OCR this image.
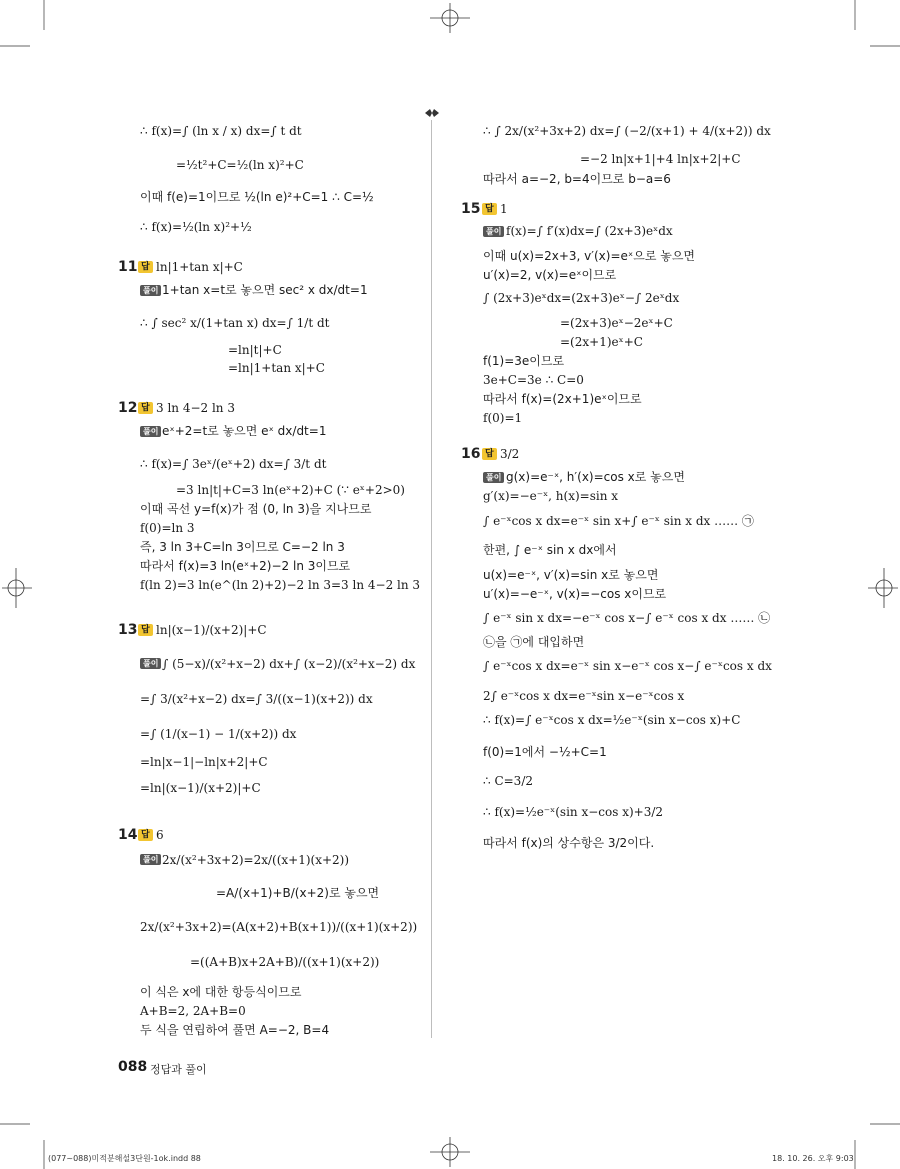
∴ f(x)=∫ (ln x / x) dx=∫ t dt
=½t²+C=½(ln x)²+C
이때 f(e)=1이므로 ½(ln e)²+C=1 ∴ C=½
∴ f(x)=½(ln x)²+½
11 답 ln|1+tan x|+C
풀이 1+tan x=t로 놓으면 sec² x dx/dt=1
∴ ∫ sec² x/(1+tan x) dx=∫ 1/t dt
=ln|t|+C
=ln|1+tan x|+C
12 답 3 ln 4−2 ln 3
풀이 eˣ+2=t로 놓으면 eˣ dx/dt=1
∴ f(x)=∫ 3eˣ/(eˣ+2) dx=∫ 3/t dt
=3 ln|t|+C=3 ln(eˣ+2)+C (∵ eˣ+2>0)
이때 곡선 y=f(x)가 점 (0, ln 3)을 지나므로
f(0)=ln 3
즉, 3 ln 3+C=ln 3이므로 C=−2 ln 3
따라서 f(x)=3 ln(eˣ+2)−2 ln 3이므로
f(ln 2)=3 ln(e^(ln 2)+2)−2 ln 3=3 ln 4−2 ln 3
13 답 ln|(x−1)/(x+2)|+C
풀이 ∫ (5−x)/(x²+x−2) dx+∫ (x−2)/(x²+x−2) dx
=∫ 3/(x²+x−2) dx=∫ 3/((x−1)(x+2)) dx
=∫ (1/(x−1) − 1/(x+2)) dx
=ln|x−1|−ln|x+2|+C
=ln|(x−1)/(x+2)|+C
14 답 6
풀이 2x/(x²+3x+2)=2x/((x+1)(x+2))
=A/(x+1)+B/(x+2)로 놓으면
2x/(x²+3x+2)=(A(x+2)+B(x+1))/((x+1)(x+2))
=((A+B)x+2A+B)/((x+1)(x+2))
이 식은 x에 대한 항등식이므로
A+B=2, 2A+B=0
두 식을 연립하여 풀면 A=−2, B=4
∴ ∫ 2x/(x²+3x+2) dx=∫ (−2/(x+1) + 4/(x+2)) dx
=−2 ln|x+1|+4 ln|x+2|+C
따라서 a=−2, b=4이므로 b−a=6
15 답 1
풀이 f(x)=∫ f′(x)dx=∫ (2x+3)eˣdx
이때 u(x)=2x+3, v′(x)=eˣ으로 놓으면
u′(x)=2, v(x)=eˣ이므로
∫ (2x+3)eˣdx=(2x+3)eˣ−∫ 2eˣdx
=(2x+3)eˣ−2eˣ+C
=(2x+1)eˣ+C
f(1)=3e이므로
3e+C=3e ∴ C=0
따라서 f(x)=(2x+1)eˣ이므로
f(0)=1
16 답 3/2
풀이 g(x)=e⁻ˣ, h′(x)=cos x로 놓으면
g′(x)=−e⁻ˣ, h(x)=sin x
∫ e⁻ˣcos x dx=e⁻ˣ sin x+∫ e⁻ˣ sin x dx …… ㉠
한편, ∫ e⁻ˣ sin x dx에서
u(x)=e⁻ˣ, v′(x)=sin x로 놓으면
u′(x)=−e⁻ˣ, v(x)=−cos x이므로
∫ e⁻ˣ sin x dx=−e⁻ˣ cos x−∫ e⁻ˣ cos x dx …… ㉡
㉡을 ㉠에 대입하면
∫ e⁻ˣcos x dx=e⁻ˣ sin x−e⁻ˣ cos x−∫ e⁻ˣcos x dx
2∫ e⁻ˣcos x dx=e⁻ˣsin x−e⁻ˣcos x
∴ f(x)=∫ e⁻ˣcos x dx=½e⁻ˣ(sin x−cos x)+C
f(0)=1에서 −½+C=1
∴ C=3/2
∴ f(x)=½e⁻ˣ(sin x−cos x)+3/2
따라서 f(x)의 상수항은 3/2이다.
088 정답과 풀이
(077~088)미적분해설3단원-1ok.indd 88	18. 10. 26. 오후 9:03
